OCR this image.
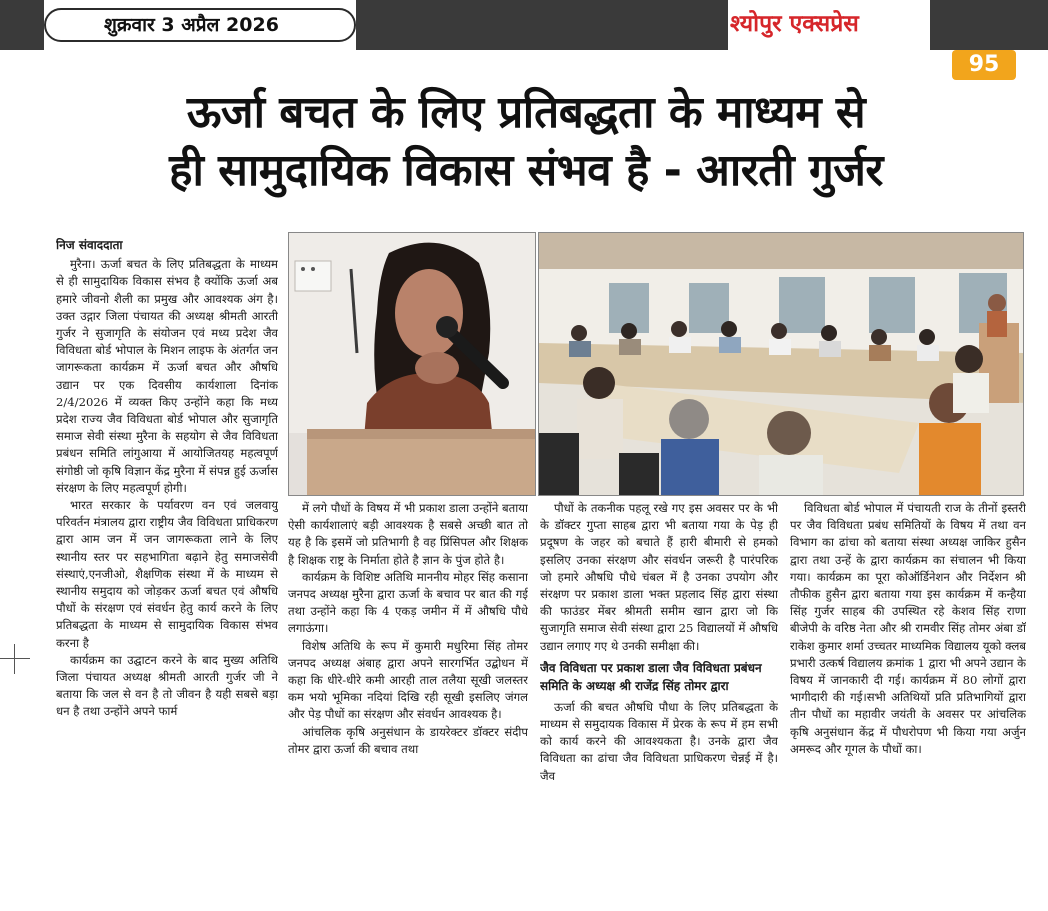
शुक्रवार 3 अप्रैल 2026	श्योपुर एक्सप्रेस
95
ऊर्जा बचत के लिए प्रतिबद्धता के माध्यम से
ही सामुदायिक विकास संभव है - आरती गुर्जर

निज संवाददाता

मुरैना। ऊर्जा बचत के लिए प्रतिबद्धता के माध्यम से ही सामुदायिक विकास संभव है क्योंकि ऊर्जा अब हमारे जीवनो शैली का प्रमुख और आवश्यक अंग है। उक्त उद्गार जिला पंचायत की अध्यक्ष श्रीमती आरती गुर्जर ने सुजागृति के संयोजन एवं मध्य प्रदेश जैव विविधता बोर्ड भोपाल के मिशन लाइफ के अंतर्गत जन जागरूकता कार्यक्रम में ऊर्जा बचत और औषधि उद्यान पर एक दिवसीय कार्यशाला दिनांक 2/4/2026 में व्यक्त किए उन्होंने कहा कि मध्य प्रदेश राज्य जैव विविधता बोर्ड भोपाल और सुजागृति समाज सेवी संस्था मुरैना के सहयोग से जैव विविधता प्रबंधन समिति लांगुआया में आयोजितयह महत्वपूर्ण संगोष्ठी जो कृषि विज्ञान केंद्र मुरैना में संपन्न हुई ऊर्जास संरक्षण के लिए महत्वपूर्ण होगी।

भारत सरकार के पर्यावरण वन एवं जलवायु परिवर्तन मंत्रालय द्वारा राष्ट्रीय जैव विविधता प्राधिकरण द्वारा आम जन में जन जागरूकता लाने के लिए स्थानीय स्तर पर सहभागिता बढ़ाने हेतु समाजसेवी संस्थाएं,एनजीओ, शैक्षणिक संस्था में के माध्यम से स्थानीय समुदाय को जोड़कर ऊर्जा बचत एवं औषधि पौधों के संरक्षण एवं संवर्धन हेतु कार्य करने के लिए प्रतिबद्धता के माध्यम से सामुदायिक विकास संभव करना है

कार्यक्रम का उद्घाटन करने के बाद मुख्य अतिथि जिला पंचायत अध्यक्ष श्रीमती आरती गुर्जर जी ने बताया कि जल से वन है तो जीवन है यही सबसे बड़ा धन है तथा उन्होंने अपने फार्म

में लगे पौधों के विषय में भी प्रकाश डाला उन्होंने बताया ऐसी कार्यशालाएं बड़ी आवश्यक है सबसे अच्छी बात तो यह है कि इसमें जो प्रतिभागी है वह प्रिंसिपल और शिक्षक है शिक्षक राष्ट्र के निर्माता होते है ज्ञान के पुंज होते है।

कार्यक्रम के विशिष्ट अतिथि माननीय मोहर सिंह कसाना जनपद अध्यक्ष मुरैना द्वारा ऊर्जा के बचाव पर बात की गई तथा उन्होंने कहा कि 4 एकड़ जमीन में में औषधि पौधे लगाऊंगा।

विशेष अतिथि के रूप में कुमारी मधुरिमा सिंह तोमर जनपद अध्यक्ष अंबाह द्वारा अपने सारगर्भित उद्बोधन में कहा कि धीरे-धीरे कमी आरही ताल तलैया सूखी जलस्तर कम भयो भूमिका नदियां दिखि रही सूखी इसलिए जंगल और पेड़ पौधों का संरक्षण और संवर्धन आवश्यक है।

आंचलिक कृषि अनुसंधान के डायरेक्टर डॉक्टर संदीप तोमर द्वारा ऊर्जा की बचाव तथा

पौधों के तकनीक पहलू रखे गए इस अवसर पर के भी के डॉक्टर गुप्ता साहब द्वारा भी बताया गया के पेड़ ही प्रदूषण के जहर को बचाते हैं हारी बीमारी से हमको इसलिए उनका संरक्षण और संवर्धन जरूरी है पारंपरिक जो हमारे औषधि पौधे चंबल में है उनका उपयोग और संरक्षण पर प्रकाश डाला भक्त प्रहलाद सिंह द्वारा संस्था की फाउंडर मेंबर श्रीमती समीम खान द्वारा जो कि सुजागृति समाज सेवी संस्था द्वारा 25 विद्यालयों में औषधि उद्यान लगाए गए थे उनकी समीक्षा की।

जैव विविधता पर प्रकाश डाला जैव विविधता प्रबंधन समिति के अध्यक्ष श्री राजेंद्र सिंह तोमर द्वारा

ऊर्जा की बचत औषधि पौधा के लिए प्रतिबद्धता के माध्यम से समुदायक विकास में प्रेरक के रूप में हम सभी को कार्य करने की आवश्यकता है। उनके द्वारा जैव विविधता का ढांचा जैव विविधता प्राधिकरण चेन्नई में है। जैव

विविधता बोर्ड भोपाल में पंचायती राज के तीनों इस्तरी पर जैव विविधता प्रबंध समितियों के विषय में तथा वन विभाग का ढांचा को बताया संस्था अध्यक्ष जाकिर हुसैन द्वारा तथा उन्हें के द्वारा कार्यक्रम का संचालन भी किया गया। कार्यक्रम का पूरा कोऑर्डिनेशन और निर्देशन श्री तौफीक हुसैन द्वारा बताया गया इस कार्यक्रम में कन्हैया सिंह गुर्जर साहब की उपस्थित रहे केशव सिंह राणा बीजेपी के वरिष्ठ नेता और श्री रामवीर सिंह तोमर अंबा डॉ राकेश कुमार शर्मा उच्चतर माध्यमिक विद्यालय यूको क्लब प्रभारी उत्कर्ष विद्यालय क्रमांक 1 द्वारा भी अपने उद्यान के विषय में जानकारी दी गई। कार्यक्रम में 80 लोगों द्वारा भागीदारी की गई।सभी अतिथियों प्रति प्रतिभागियों द्वारा तीन पौधों का महावीर जयंती के अवसर पर आंचलिक कृषि अनुसंधान केंद्र में पौधरोपण भी किया गया अर्जुन अमरूद और गूगल के पौधों का।
